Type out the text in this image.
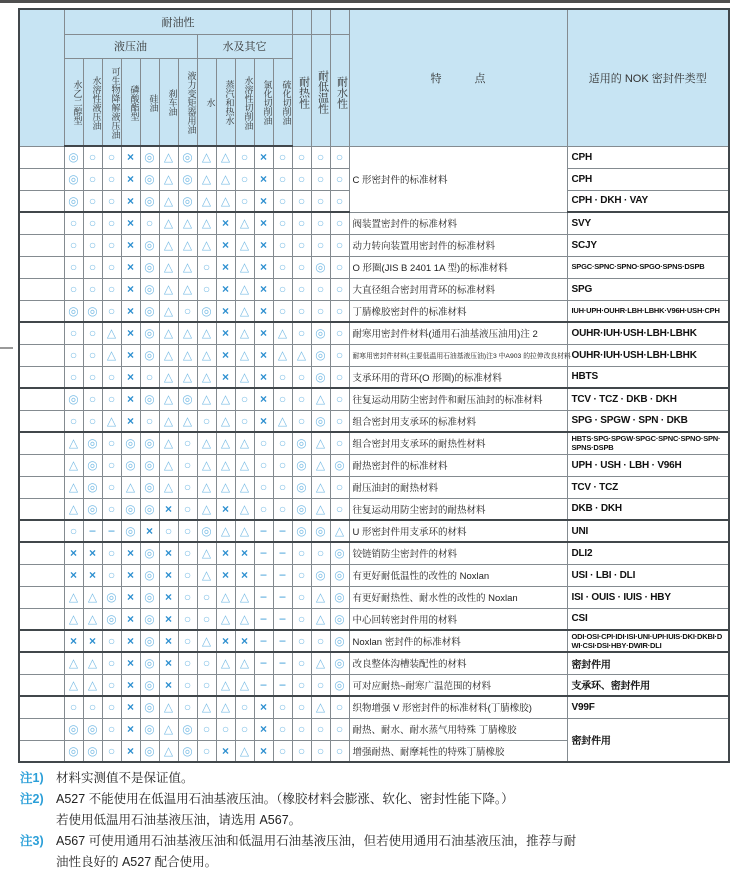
	耐油性															特　　　点	适用的 NOK 密封件类型
	液压油							水及其它					耐热性	耐低温性	耐水性		
	水乙二醇型	水溶性液压油	可生物降解液压油	磷酸酯型	硅油	刹车油	液力变矩器用油	水	蒸汽和热水	水溶性切削油	氯化切削油	硫化切削油					
	◎	○	○	×	◎	△	◎	△	△	○	×	○	○	○	○	C 形密封件的标准材料	CPH
	◎	○	○	×	◎	△	◎	△	△	○	×	○	○	○	○		CPH
	◎	○	○	×	◎	△	◎	△	△	○	×	○	○	○	○		CPH · DKH · VAY
	○	○	○	×	○	△	△	△	×	△	×	○	○	○	○	阀装置密封件的标准材料	SVY
	○	○	○	×	◎	△	△	△	×	△	×	○	○	○	○	动力转向装置用密封件的标准材料	SCJY
	○	○	○	×	◎	△	△	○	×	△	×	○	○	◎	○	O 形圈(JIS B 2401 1A 型)的标准材料	SPGC·SPNC·SPNO·SPGO·SPNS·DSPB
	○	○	○	×	◎	△	△	○	×	△	×	○	○	○	○	大直径组合密封用背环的标准材料	SPG
	◎	◎	○	×	◎	△	○	◎	×	△	×	○	○	○	○	丁腈橡胶密封件的标准材料	IUH·UPH·OUHR·LBH·LBHK·V96H·USH·CPH
	○	○	△	×	◎	△	△	△	×	△	×	△	○	◎	○	耐寒用密封件材料(通用石油基液压油用)注 2	OUHR·IUH·USH·LBH·LBHK
	○	○	△	×	◎	△	△	△	×	△	×	△	△	◎	○	耐寒用密封件材料(主要低温用石油基液压油)注3 中A903 的拉伸改良材料	OUHR·IUH·USH·LBH·LBHK
	○	○	○	×	○	△	△	△	×	△	×	○	○	◎	○	支承环用的背环(O 形圈)的标准材料	HBTS
	◎	○	○	×	◎	△	◎	△	△	○	×	○	○	△	○	往复运动用防尘密封件和耐压油封的标准材料	TCV · TCZ · DKB · DKH
	○	○	△	×	○	△	△	○	△	○	×	△	○	◎	○	组合密封用支承环的标准材料	SPG · SPGW · SPN · DKB
	△	◎	○	◎	◎	△	○	△	△	△	○	○	◎	△	○	组合密封用支承环的耐热性材料	HBTS·SPG·SPGW·SPGC·SPNC·SPNO·SPN·SPNS·DSPB
	△	◎	○	◎	◎	△	○	△	△	△	○	○	◎	△	◎	耐热密封件的标准材料	UPH · USH · LBH · V96H
	△	◎	○	△	◎	△	○	△	△	△	○	○	◎	△	○	耐压油封的耐热材料	TCV · TCZ
	△	◎	○	◎	◎	×	○	△	×	△	○	○	◎	△	○	往复运动用防尘密封的耐热材料	DKB · DKH
	○	−	−	◎	×	○	○	◎	△	△	−	−	◎	◎	△	U 形密封件用支承环的材料	UNI
	×	×	○	×	◎	×	○	△	×	×	−	−	○	○	◎	铰链销防尘密封件的材料	DLI2
	×	×	○	×	◎	×	○	△	×	×	−	−	○	◎	◎	有更好耐低温性的改性的 Noxlan	USI · LBI · DLI
	△	△	◎	×	◎	×	○	○	△	△	−	−	○	△	◎	有更好耐热性、耐水性的改性的 Noxlan	ISI · OUIS · IUIS · HBY
	△	△	◎	×	◎	×	○	○	△	△	−	−	○	△	◎	中心回转密封件用的材料	CSI
	×	×	○	×	◎	×	○	△	×	×	−	−	○	○	◎	Noxlan 密封件的标准材料	ODI·OSI·CPI·IDI·ISI·UNI·UPI·IUIS·DKI·DKBI·DWI·CSI·DSI·HBY·DWIR·DLI
	△	△	○	×	◎	×	○	○	△	△	−	−	○	△	◎	改良整体沟槽装配性的材料	密封件用
	△	△	○	×	◎	×	○	○	△	△	−	−	○	○	◎	可对应耐热~耐寒广温范围的材料	支承环、密封件用
	○	○	○	×	◎	△	○	△	△	○	×	○	○	△	○	织物增强 V 形密封件的标准材料(丁腈橡胶)	V99F
	◎	◎	○	×	◎	△	◎	○	○	○	×	○	○	○	○	耐热、耐水、耐水蒸气用特殊 丁腈橡胶	密封件用
	◎	◎	○	×	◎	△	◎	○	×	△	×	○	○	○	○	增强耐热、耐摩耗性的特殊丁腈橡胶	
注1) 材料实测值不是保证值。
注2) A527 不能使用在低温用石油基液压油。（橡胶材料会膨涨、软化、密封性能下降。）
若使用低温用石油基液压油，请选用 A567。
注3) A567 可使用通用石油基液压油和低温用石油基液压油，但若使用通用石油基液压油，推荐与耐
油性良好的 A527 配合使用。
